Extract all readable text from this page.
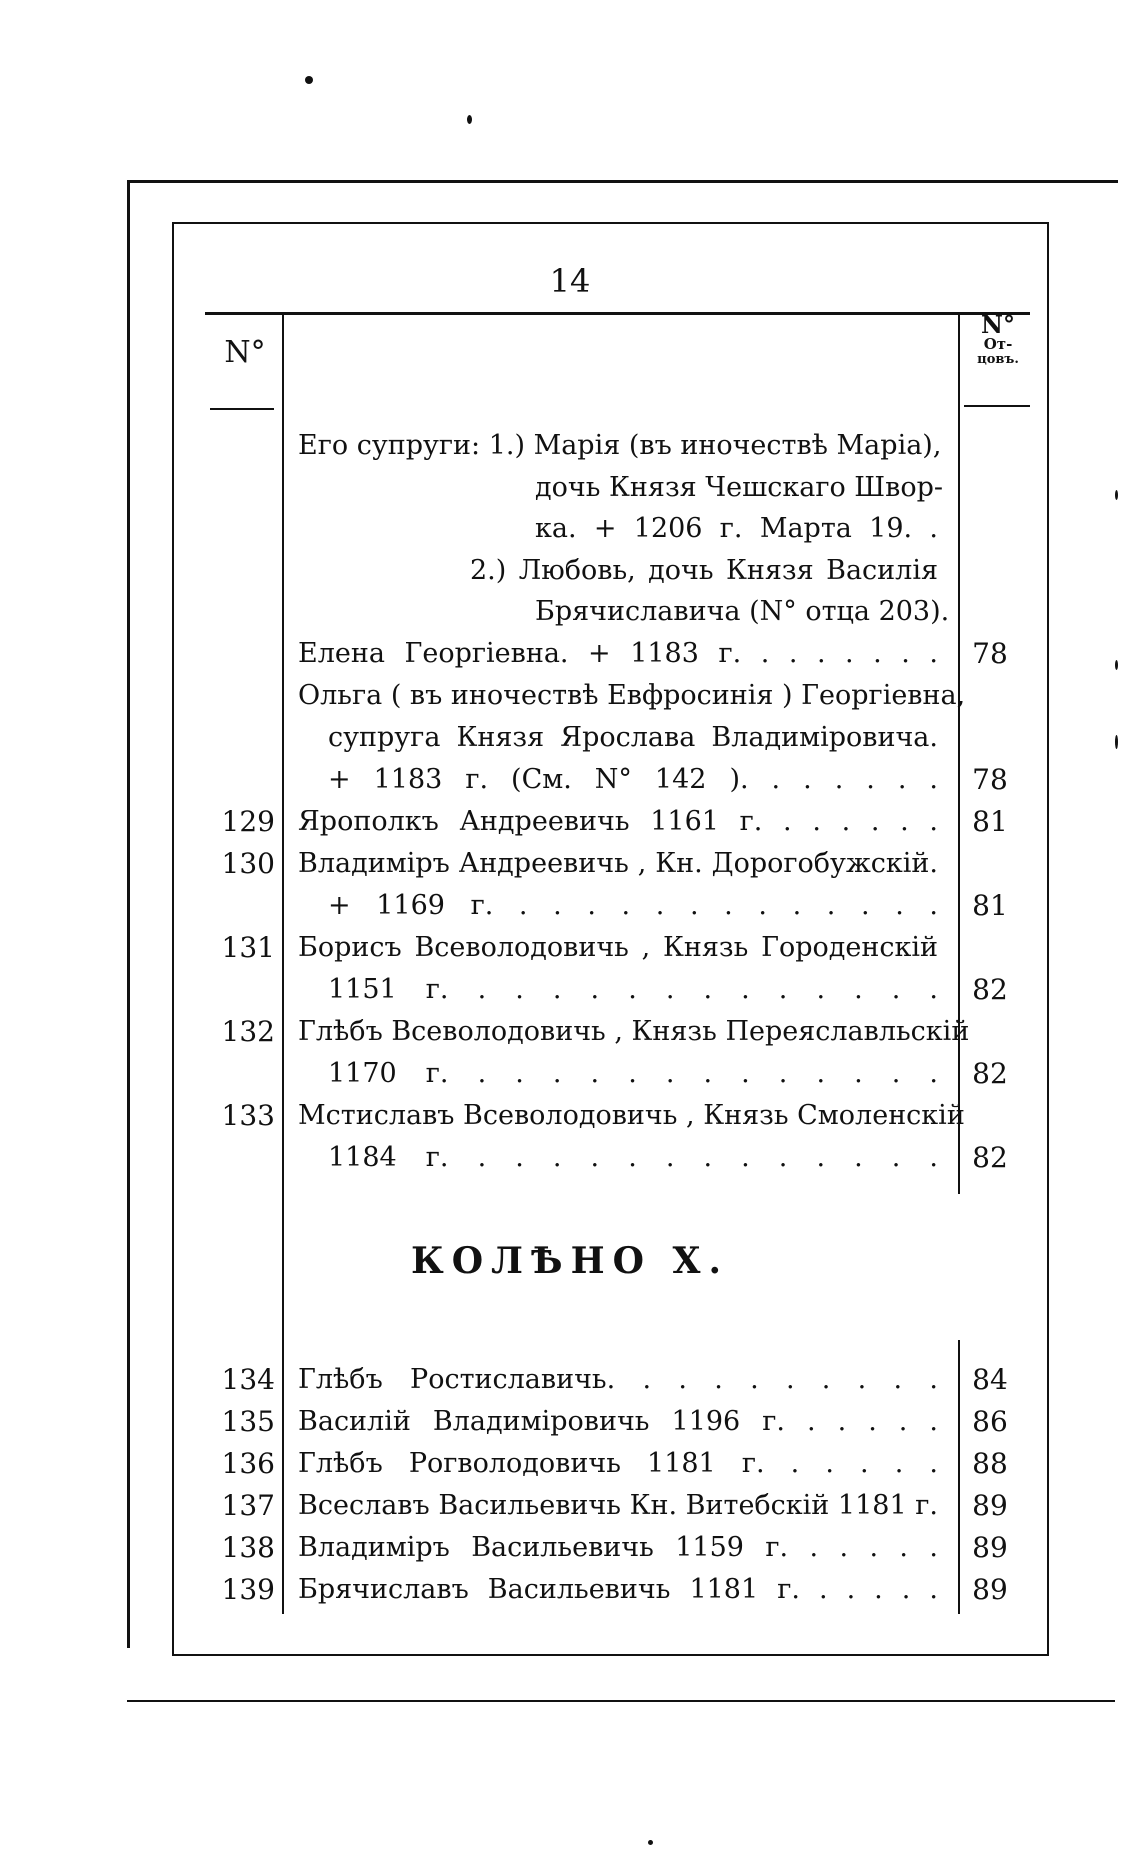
14
N°
N°
От-
цовъ.
Его супруги: 1.) Марія (въ иночествѣ Маріа),
дочь Князя Чешскаго Швор-
ка. + 1206 г. Марта 19. .
2.) Любовь, дочь Князя Василія
Брячиславича (N° отца 203).
Елена Георгіевна. + 1183 г. . . . . . . .	78
Ольга ( въ иночествѣ Евфросинія ) Георгіевна,
супруга Князя Ярослава Владиміровича.
+ 1183 г. (См. N° 142 ). . . . . . .	78
129 Ярополкъ Андреевичь 1161 г. . . . . . .	81
130 Владиміръ Андреевичь , Кн. Дорогобужскій.
+ 1169 г. . . . . . . . . . . . . .	81
131 Борисъ Всеволодовичь , Князь Городенскій
1151 г. . . . . . . . . . . . . .	82
132 Глѣбъ Всеволодовичь , Князь Переяславльскій
1170 г. . . . . . . . . . . . . .	82
133 Мстиславъ Всеволодовичь , Князь Смоленскій
1184 г. . . . . . . . . . . . . .	82
КОЛѢНО X.
134 Глѣбъ Ростиславичь. . . . . . . . . .	84
135 Василій Владиміровичь 1196 г. . . . . .	86
136 Глѣбъ Рогволодовичь 1181 г. . . . . .	88
137 Всеславъ Васильевичь Кн. Витебскій 1181 г.	89
138 Владиміръ Васильевичь 1159 г. . . . . .	89
139 Брячиславъ Васильевичь 1181 г. . . . . .	89
